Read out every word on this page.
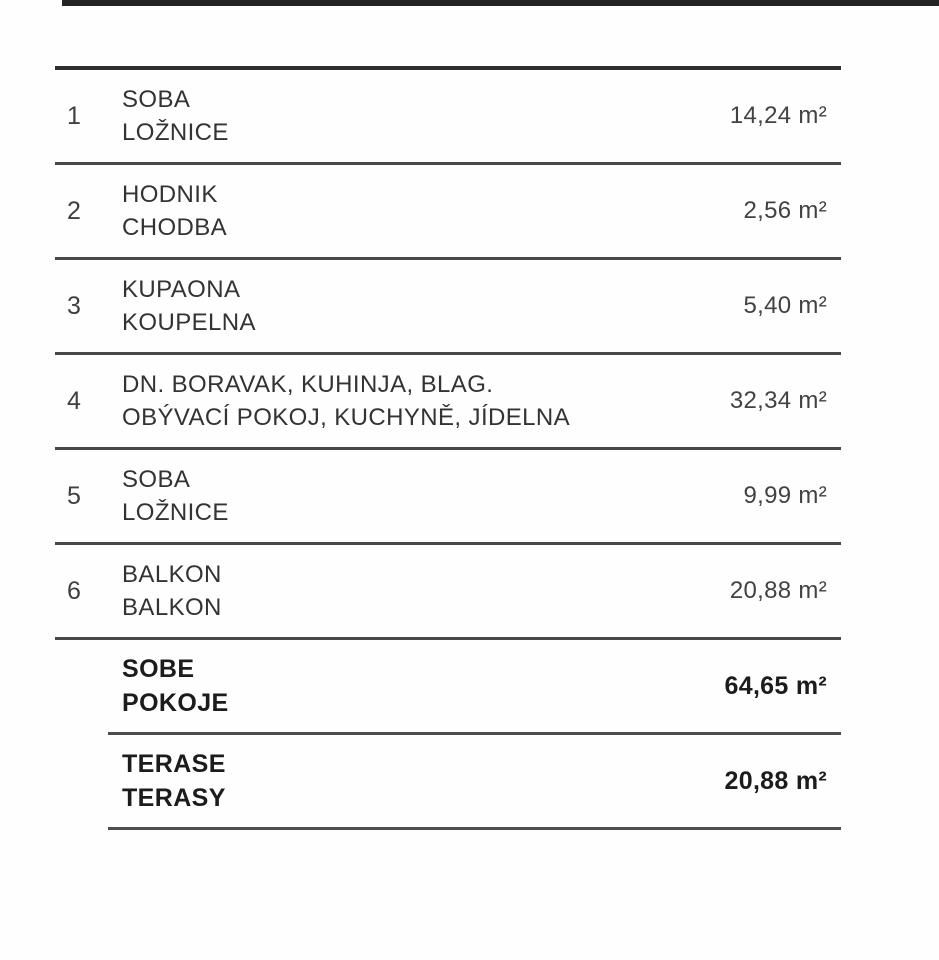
1
SOBA
LOŽNICE
14,24 m²
2
HODNIK
CHODBA
2,56 m²
3
KUPAONA
KOUPELNA
5,40 m²
4
DN. BORAVAK, KUHINJA, BLAG.
OBÝVACÍ POKOJ, KUCHYNĚ, JÍDELNA
32,34 m²
5
SOBA
LOŽNICE
9,99 m²
6
BALKON
BALKON
20,88 m²
SOBE
POKOJE
64,65 m²
TERASE
TERASY
20,88 m²
